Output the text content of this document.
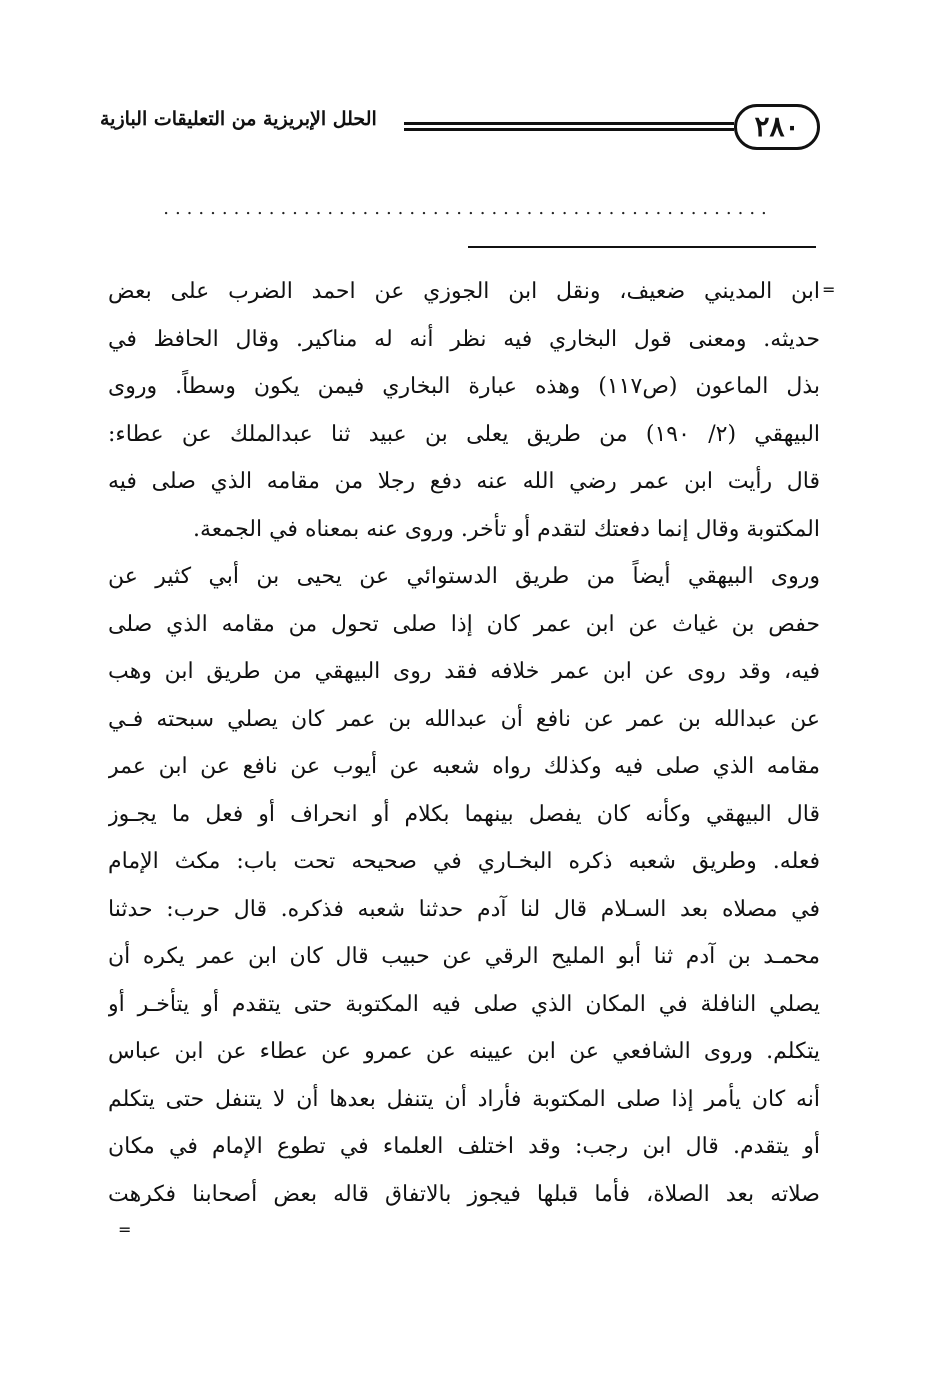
٢٨٠
الحلل الإبريزية من التعليقات البازية
....................................................
=
ابن المديني ضعيف، ونقل ابن الجوزي عن احمد الضرب على بعض
حديثه. ومعنى قول البخاري فيه نظر أنه له مناكير. وقال الحافظ في
بذل الماعون (ص١١٧) وهذه عبارة البخاري فيمن يكون وسطاً. وروى
البيهقي (٢/ ١٩٠) من طريق يعلى بن عبيد ثنا عبدالملك عن عطاء:
قال رأيت ابن عمر رضي الله عنه دفع رجلا من مقامه الذي صلى فيه
المكتوبة وقال إنما دفعتك لتقدم أو تأخر. وروى عنه بمعناه في الجمعة.
وروى البيهقي أيضاً من طريق الدستوائي عن يحيى بن أبي كثير عن
حفص بن غياث عن ابن عمر كان إذا صلى تحول من مقامه الذي صلى
فيه، وقد روى عن ابن عمر خلافه فقد روى البيهقي من طريق ابن وهب
عن عبدالله بن عمر عن نافع أن عبدالله بن عمر كان يصلي سبحته فـي
مقامه الذي صلى فيه وكذلك رواه شعبه عن أيوب عن نافع عن ابن عمر
قال البيهقي وكأنه كان يفصل بينهما بكلام أو انحراف أو فعل ما يجـوز
فعله. وطريق شعبه ذكره البخـاري في صحيحه تحت باب: مكث الإمام
في مصلاه بعد السـلام قال لنا آدم حدثنا شعبه فذكره. قال حرب: حدثنا
محمـد بن آدم ثنا أبو المليح الرقي عن حبيب قال كان ابن عمر يكره أن
يصلي النافلة في المكان الذي صلى فيه المكتوبة حتى يتقدم أو يتأخـر أو
يتكلم. وروى الشافعي عن ابن عيينه عن عمرو عن عطاء عن ابن عباس
أنه كان يأمر إذا صلى المكتوبة فأراد أن يتنفل بعدها أن لا يتنفل حتى يتكلم
أو يتقدم. قال ابن رجب: وقد اختلف العلماء في تطوع الإمام في مكان
صلاته بعد الصلاة، فأما قبلها فيجوز بالاتفاق قاله بعض أصحابنا فكرهت
=
